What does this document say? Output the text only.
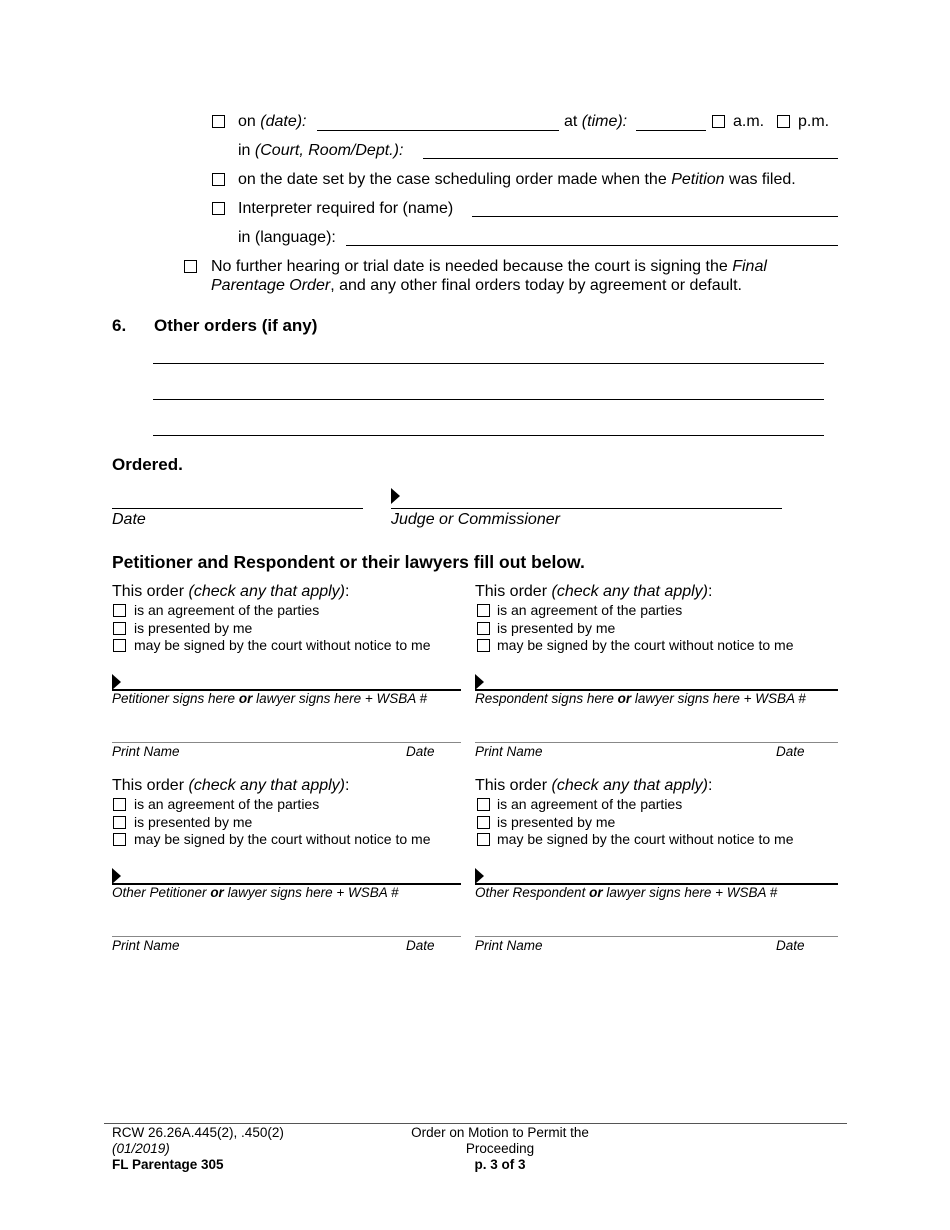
on (date):	at (time):	a.m. p.m.
in (Court, Room/Dept.):
on the date set by the case scheduling order made when the Petition was filed.
Interpreter required for (name)
in (language):
No further hearing or trial date is needed because the court is signing the Final
Parentage Order, and any other final orders today by agreement or default.
6. Other orders (if any)
Ordered.
Date	Judge or Commissioner
Petitioner and Respondent or their lawyers fill out below.
This order (check any that apply):
is an agreement of the parties
is presented by me
may be signed by the court without notice to me
Petitioner signs here or lawyer signs here + WSBA #
Print Name	Date
This order (check any that apply):
is an agreement of the parties
is presented by me
may be signed by the court without notice to me
Respondent signs here or lawyer signs here + WSBA #
Print Name	Date
This order (check any that apply):
is an agreement of the parties
is presented by me
may be signed by the court without notice to me
Other Petitioner or lawyer signs here + WSBA #
Print Name	Date
This order (check any that apply):
is an agreement of the parties
is presented by me
may be signed by the court without notice to me
Other Respondent or lawyer signs here + WSBA #
Print Name	Date
RCW 26.26A.445(2), .450(2)
(01/2019)
FL Parentage 305
Order on Motion to Permit the
Proceeding
p. 3 of 3
